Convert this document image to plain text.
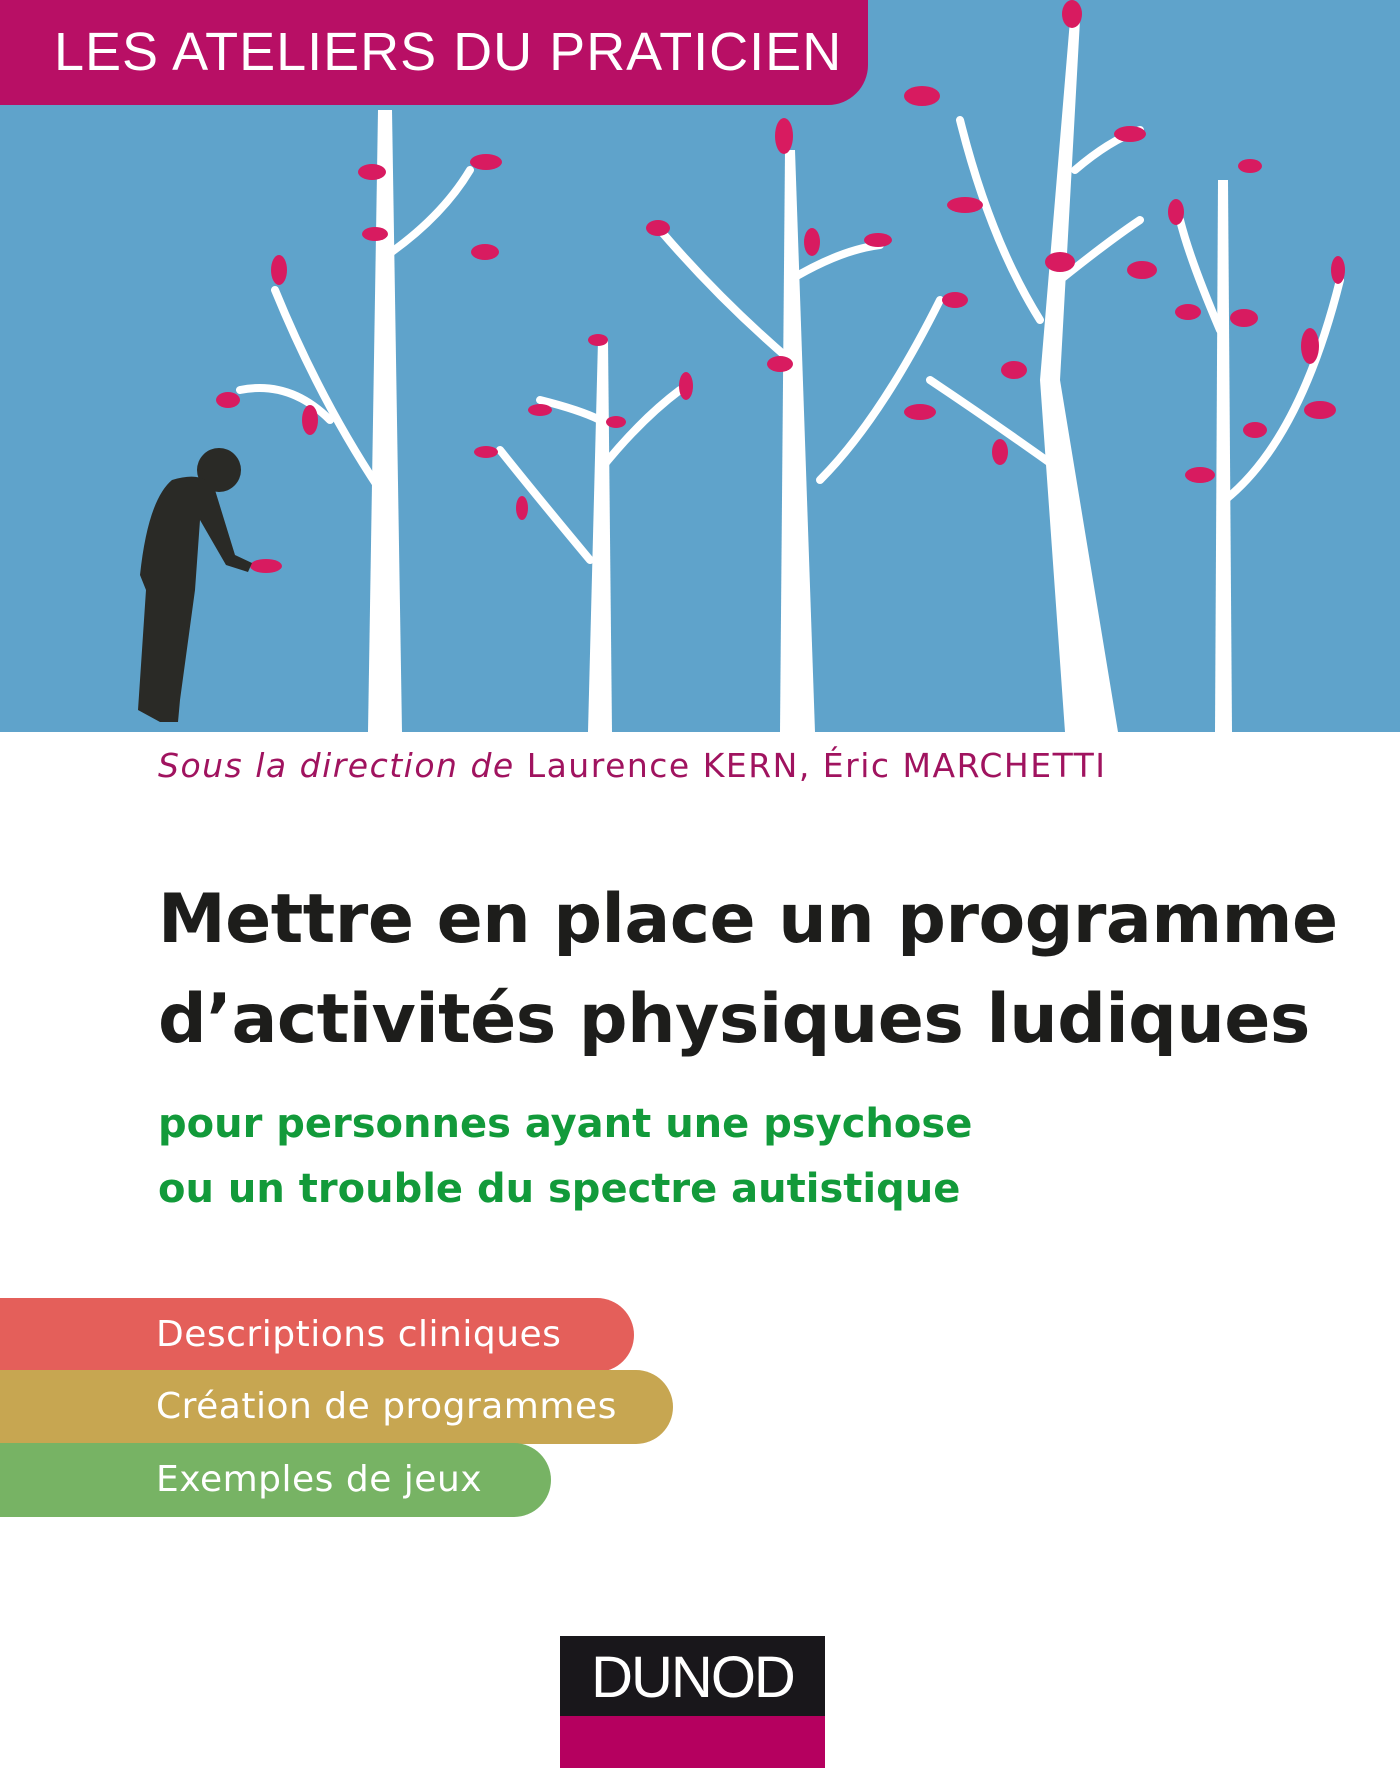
LES ATELIERS DU PRATICIEN
Sous la direction de Laurence KERN, Éric MARCHETTI
Mettre en place un programme
d’activités physiques ludiques
pour personnes ayant une psychose
ou un trouble du spectre autistique
Descriptions cliniques
Création de programmes
Exemples de jeux
DUNOD
